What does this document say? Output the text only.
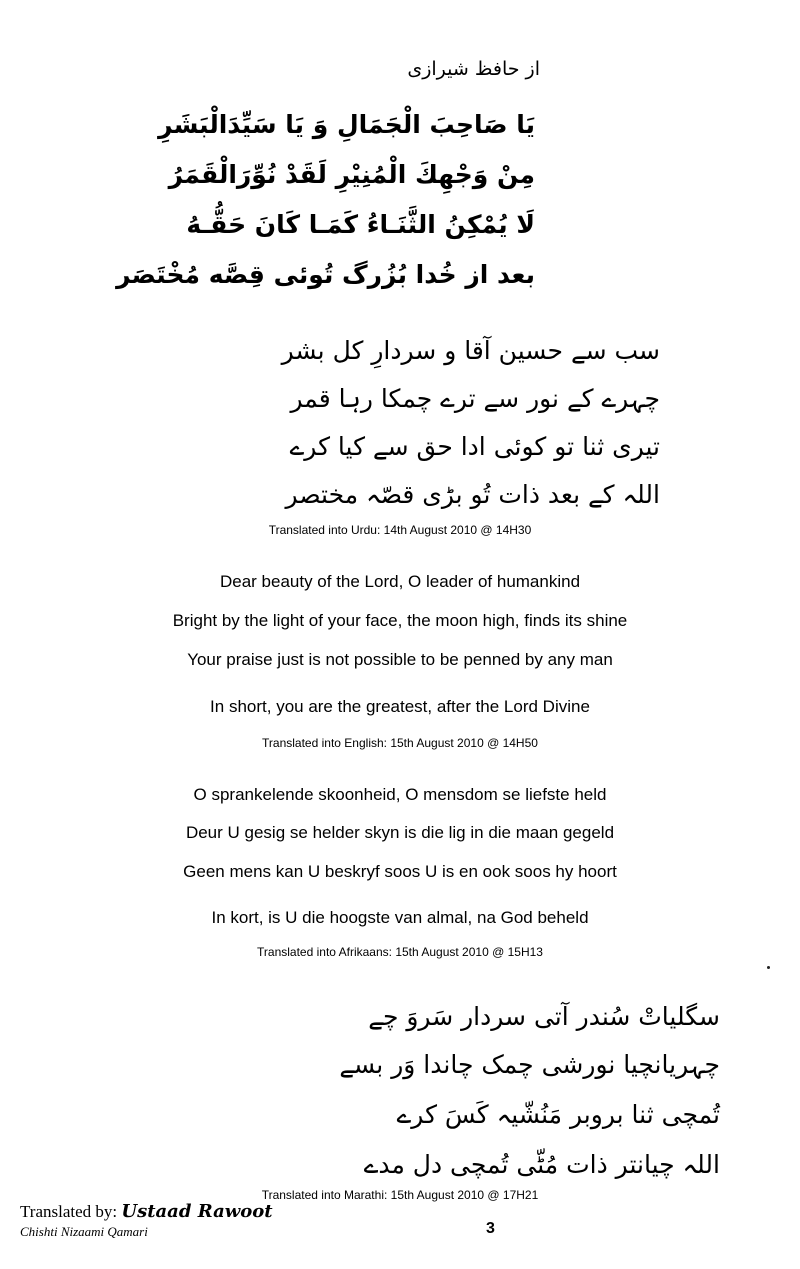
از حافظ شیرازی
يَا صَاحِبَ الْجَمَالِ وَ يَا سَيِّدَالْبَشَرِ
مِنْ وَجْهِكَ الْمُنِيْرِ لَقَدْ نُوِّرَالْقَمَرُ
لَا يُمْكِنُ الثَّنَـاءُ كَمَـا كَانَ حَقُّـهُ
بعد از خُدا بُزُرگ تُوئی قِصَّه مُخْتَصَر
سب سے حسین آقا و سردارِ کل بشر
چہرے کے نور سے ترے چمکا رہا قمر
تیری ثنا تو کوئی ادا حق سے کیا کرے
اللہ کے بعد ذات تُو بڑی قصّہ مختصر
Translated into Urdu: 14th August 2010 @ 14H30
Dear beauty of the Lord, O leader of humankind
Bright by the light of your face, the moon high, finds its shine
Your praise just is not possible to be penned by any man
In short, you are the greatest, after the Lord Divine
Translated into English: 15th August 2010 @ 14H50
O sprankelende skoonheid, O mensdom se liefste held
Deur U gesig se helder skyn is die lig in die maan gegeld
Geen mens kan U beskryf soos U is en ook soos hy hoort
In kort, is U die hoogste van almal, na God beheld
Translated into Afrikaans: 15th August 2010 @ 15H13
سگلیاتْ سُندر آتی سردار سَروَ چے
چہریانچیا نورشی چمک چاندا وَر بسے
تُمچی ثنا بروبر مَنُشّیہ کَسَ کرے
اللہ چیانتر ذات مُٹّی تُمچی دل مدے
Translated into Marathi: 15th August 2010 @ 17H21
Translated by: Ustaad Rawoot
Chishti Nizaami Qamari	3
